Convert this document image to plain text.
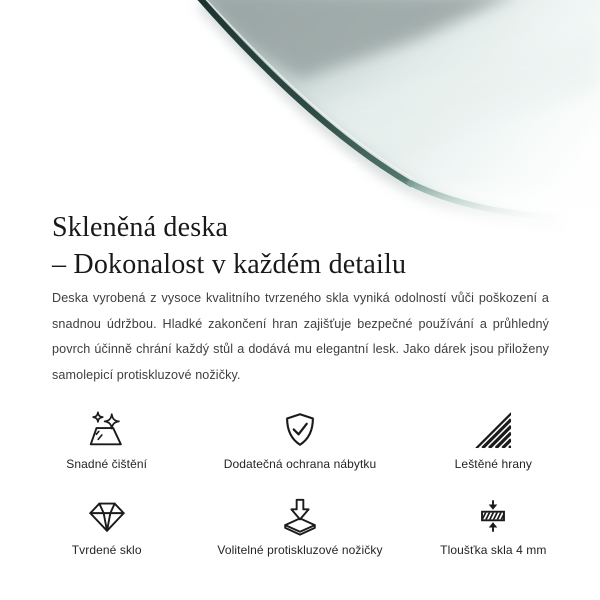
Skleněná deska
– Dokonalost v každém detailu

Deska vyrobená z vysoce kvalitního tvrzeného skla vyniká odolností vůči poškození a snadnou údržbou. Hladké zakončení hran zajišťuje bezpečné používání a průhledný povrch účinně chrání každý stůl a dodává mu elegantní lesk. Jako dárek jsou přiloženy samolepicí protiskluzové nožičky.

Snadné čištění	Dodatečná ochrana nábytku	Leštěné hrany
Tvrdené sklo	Volitelné protiskluzové nožičky	Tloušťka skla 4 mm
